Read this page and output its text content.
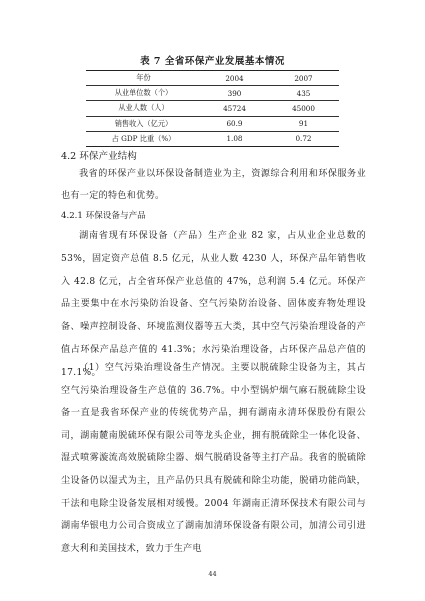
表 7 全省环保产业发展基本情况
年份	2004	2007
从业单位数（个）	390	435
从业人数（人）	45724	45000
销售收入（亿元）	60.9	91
占 GDP 比重（%）	1.08	0.72
4.2 环保产业结构

我省的环保产业以环保设备制造业为主，资源综合利用和环保服务业也有一定的特色和优势。

4.2.1 环保设备与产品

湖南省现有环保设备（产品）生产企业 82 家，占从业企业总数的 53%，固定资产总值 8.5 亿元，从业人数 4230 人，环保产品年销售收入 42.8 亿元，占全省环保产业总值的 47%，总利润 5.4 亿元。环保产品主要集中在水污染防治设备、空气污染防治设备、固体废弃物处理设备、噪声控制设备、环境监测仪器等五大类，其中空气污染治理设备的产值占环保产品总产值的 41.3%；水污染治理设备，占环保产品总产值的 17.1%。

（1）空气污染治理设备生产情况。主要以脱硫除尘设备为主，其占空气污染治理设备生产总值的 36.7%。中小型锅炉烟气麻石脱硫除尘设备一直是我省环保产业的传统优势产品，拥有湖南永清环保股份有限公司，湖南麓南脱硫环保有限公司等龙头企业，拥有脱硫除尘一体化设备、湿式喷雾漩流高效脱硫除尘器、烟气脱硝设备等主打产品。我省的脱硫除尘设备仍以湿式为主，且产品仍只具有脱硫和除尘功能，脱硝功能尚缺，干法和电除尘设备发展相对缓慢。2004 年湖南正清环保技术有限公司与湖南华银电力公司合资成立了湖南加清环保设备有限公司，加清公司引进意大利和美国技术，致力于生产电

44
